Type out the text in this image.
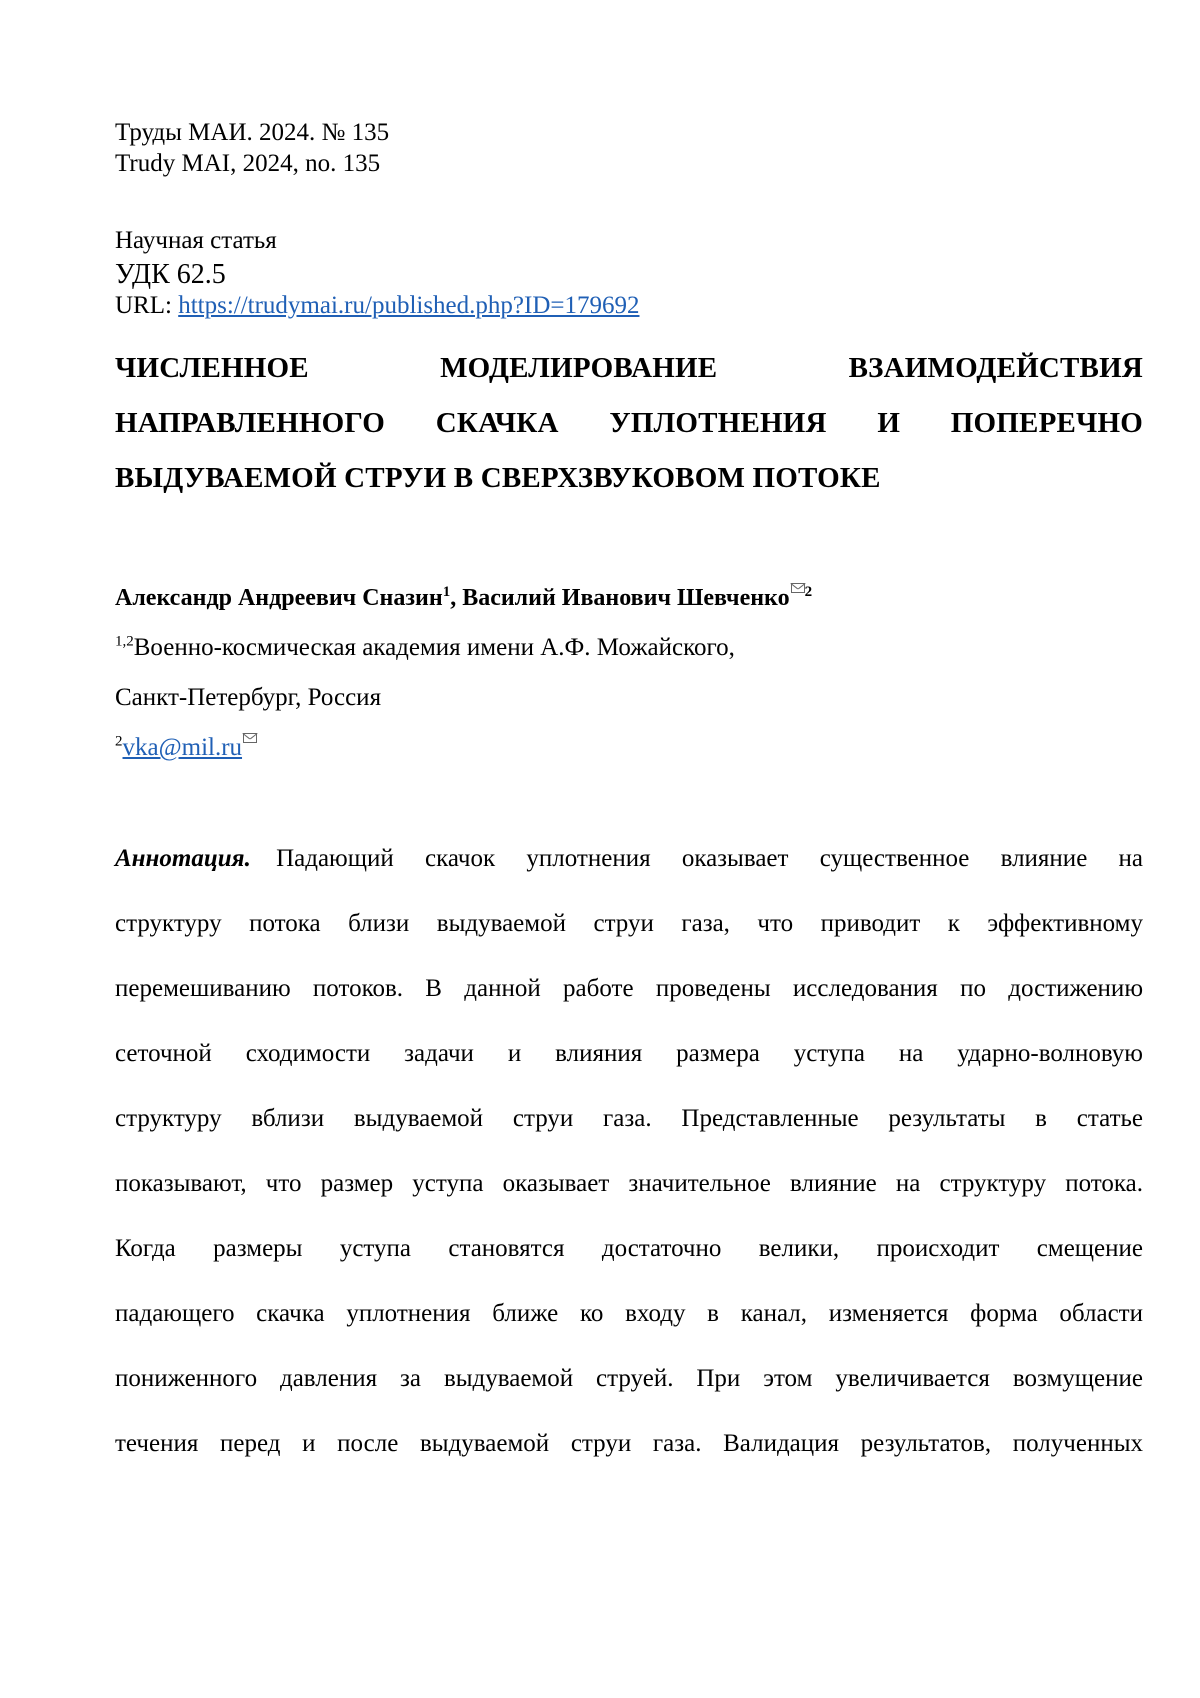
Труды МАИ. 2024. № 135
Trudy MAI, 2024, no. 135
Научная статья
УДК 62.5
URL: https://trudymai.ru/published.php?ID=179692
ЧИСЛЕННОЕ	МОДЕЛИРОВАНИЕ	ВЗАИМОДЕЙСТВИЯ
НАПРАВЛЕННОГО СКАЧКА УПЛОТНЕНИЯ И ПОПЕРЕЧНО
ВЫДУВАЕМОЙ СТРУИ В СВЕРХЗВУКОВОМ ПОТОКЕ
Александр Андреевич Сназин$^1$, Василий Иванович Шевченко $^2$
$^{1,2}$Военно-космическая академия имени А.Ф. Можайского,
Санкт-Петербург, Россия
$^2$vka@mil.ru
Аннотация. Падающий скачок уплотнения оказывает существенное влияние на
структуру потока близи выдуваемой струи газа, что приводит к эффективному
перемешиванию потоков. В данной работе проведены исследования по достижению
сеточной сходимости задачи и влияния размера уступа на ударно-волновую
структуру вблизи выдуваемой струи газа. Представленные результаты в статье
показывают, что размер уступа оказывает значительное влияние на структуру потока.
Когда размеры уступа становятся достаточно велики, происходит смещение
падающего скачка уплотнения ближе ко входу в канал, изменяется форма области
пониженного давления за выдуваемой струей. При этом увеличивается возмущение
течения перед и после выдуваемой струи газа. Валидация результатов, полученных
